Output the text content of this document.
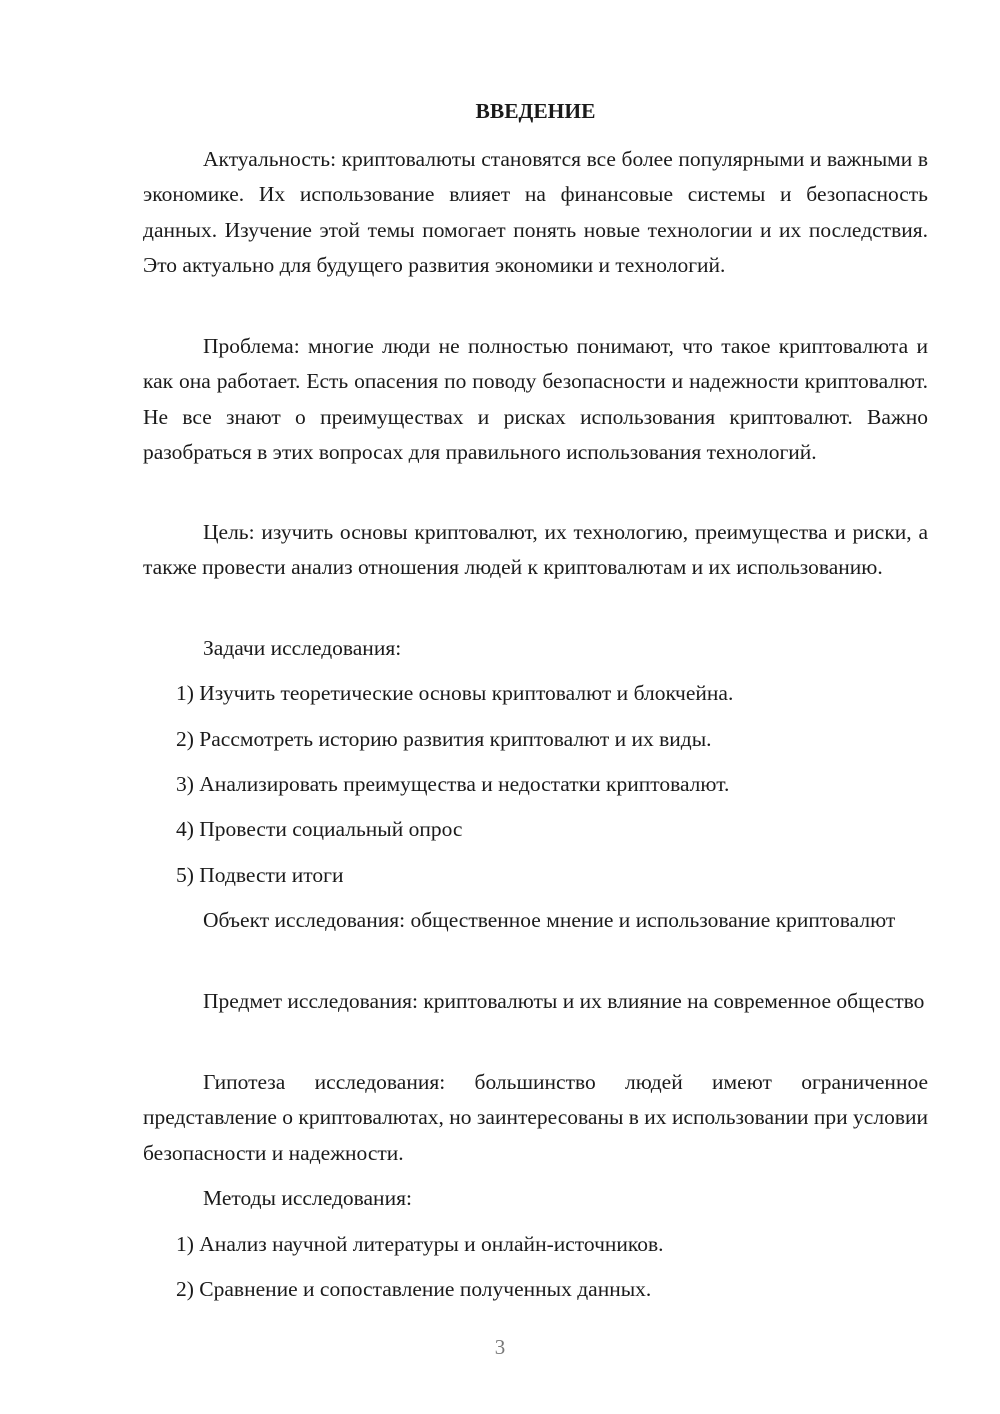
ВВЕДЕНИЕ

Актуальность: криптовалюты становятся все более популярными и важными в экономике. Их использование влияет на финансовые системы и безопасность данных. Изучение этой темы помогает понять новые технологии и их последствия. Это актуально для будущего развития экономики и технологий.

Проблема: многие люди не полностью понимают, что такое криптовалюта и как она работает. Есть опасения по поводу безопасности и надежности криптовалют. Не все знают о преимуществах и рисках использования криптовалют. Важно разобраться в этих вопросах для правильного использования технологий.

Цель: изучить основы криптовалют, их технологию, преимущества и риски, а также провести анализ отношения людей к криптовалютам и их использованию.

Задачи исследования:

1) Изучить теоретические основы криптовалют и блокчейна.

2) Рассмотреть историю развития криптовалют и их виды.

3) Анализировать преимущества и недостатки криптовалют.

4) Провести социальный опрос

5) Подвести итоги

Объект исследования: общественное мнение и использование криптовалют

Предмет исследования: криптовалюты и их влияние на современное общество

Гипотеза исследования: большинство людей имеют ограниченное представление о криптовалютах, но заинтересованы в их использовании при условии безопасности и надежности.

Методы исследования:

1) Анализ научной литературы и онлайн-источников.

2) Сравнение и сопоставление полученных данных.

3
